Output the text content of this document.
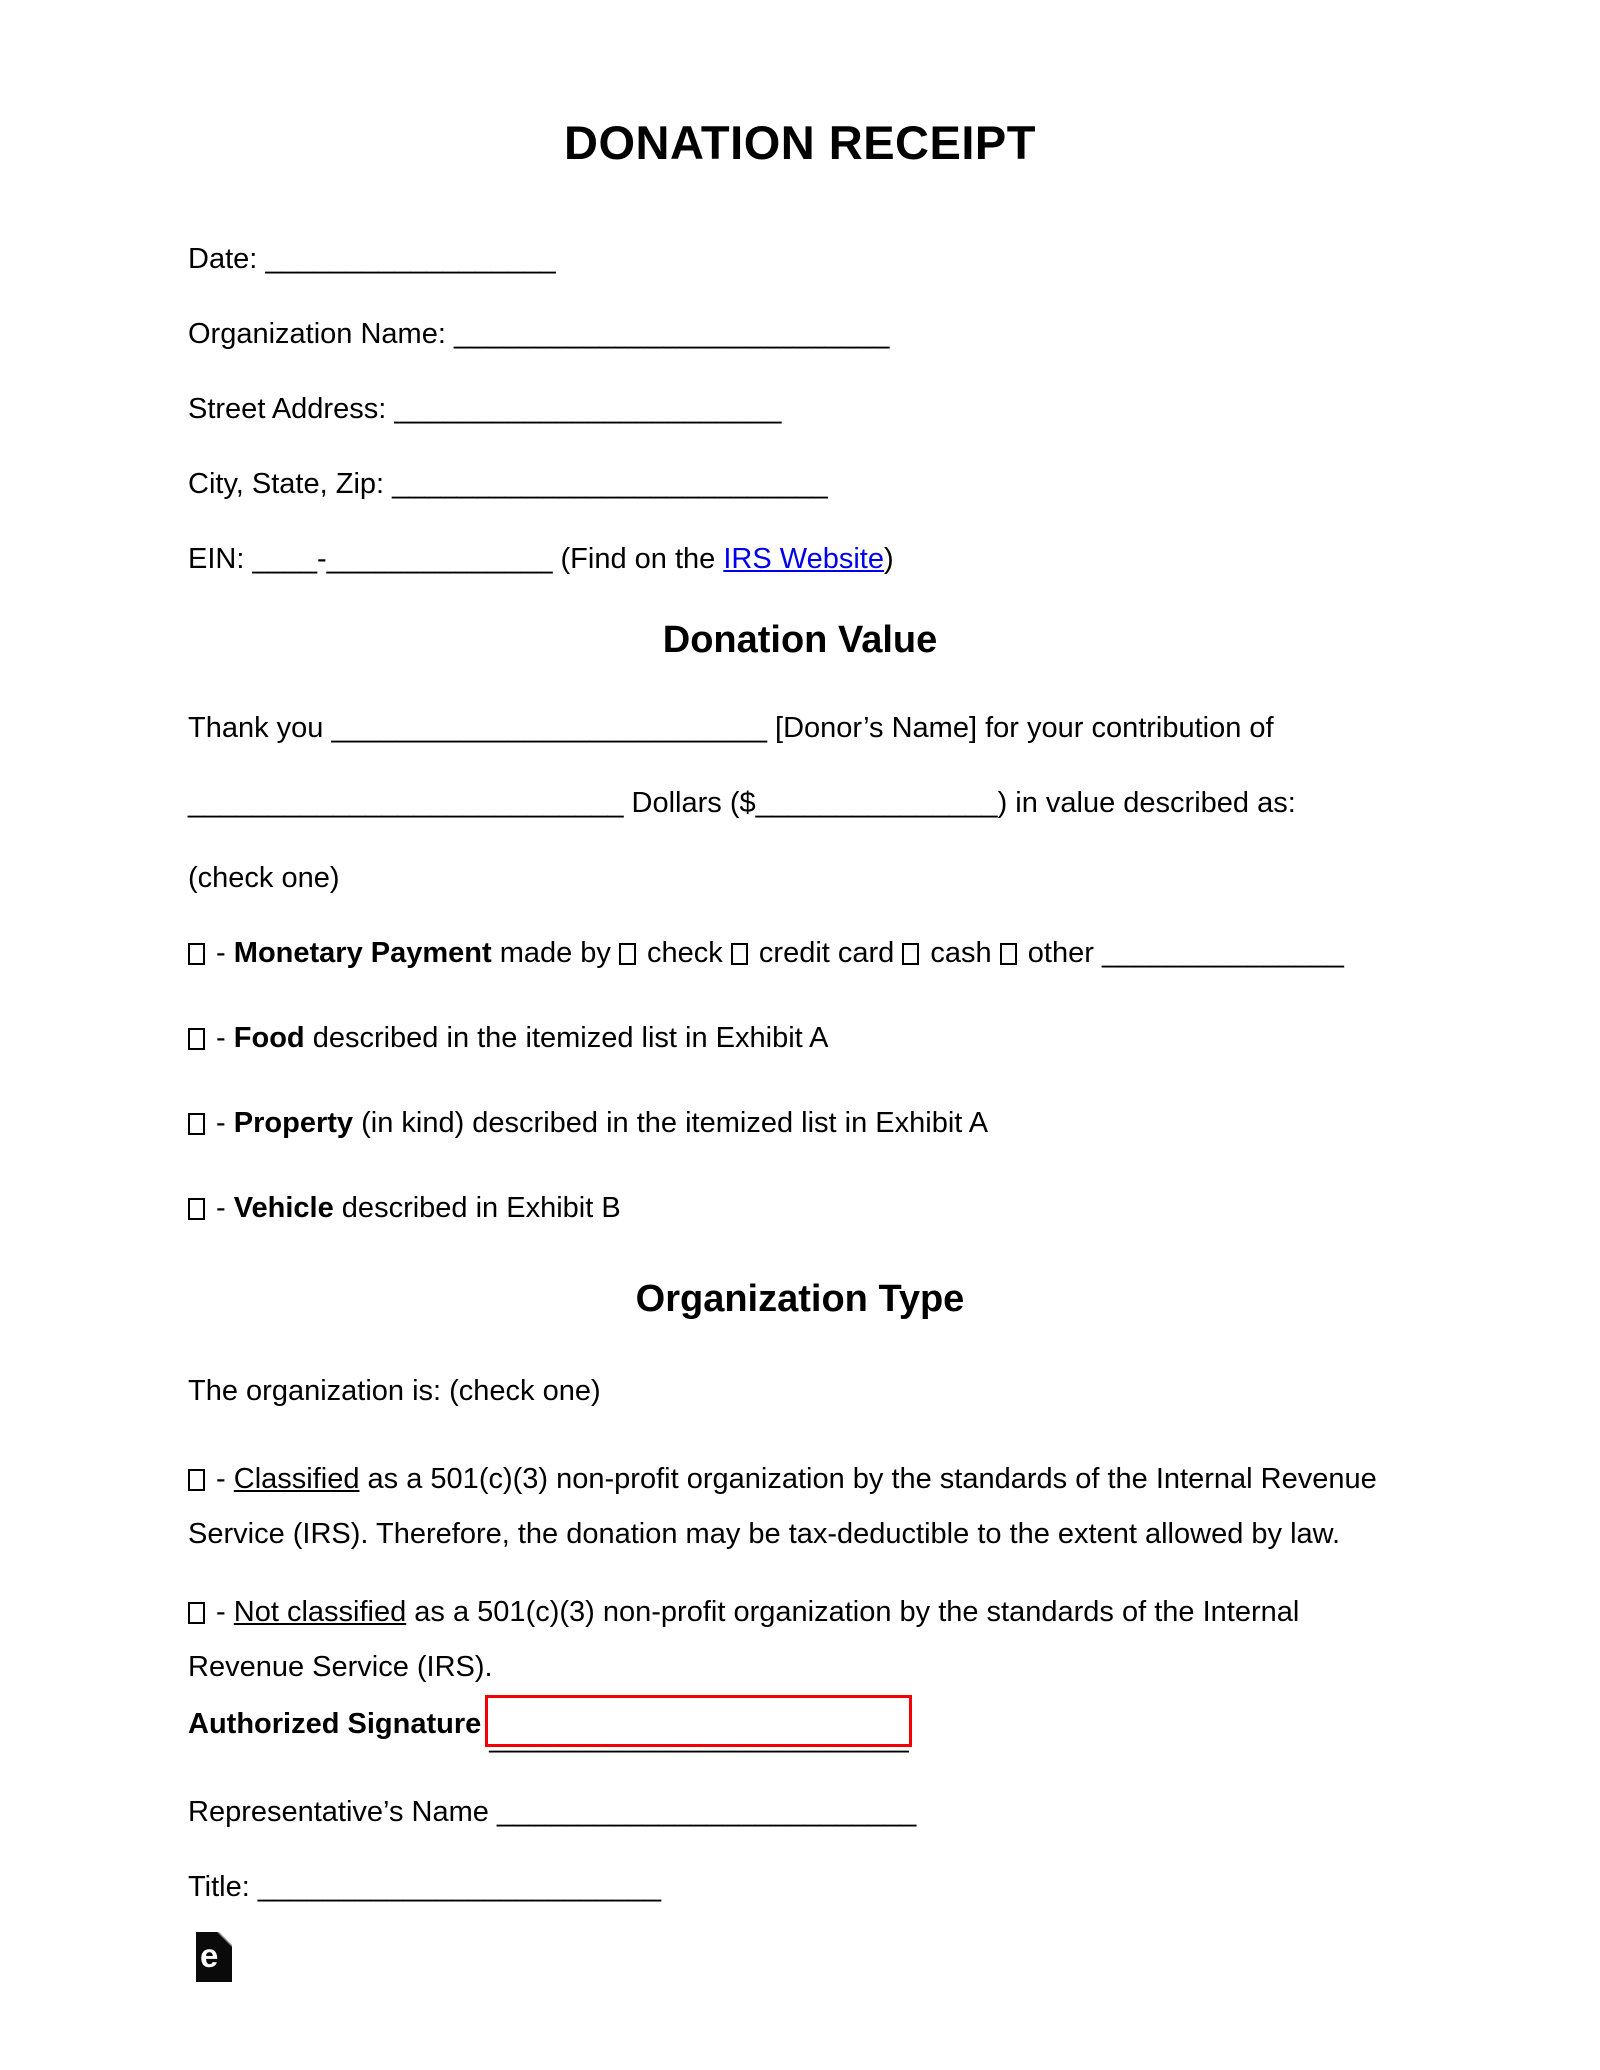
DONATION RECEIPT

Date: __________________

Organization Name: ___________________________

Street Address: ________________________

City, State, Zip: ___________________________

EIN: ____-______________ (Find on the IRS Website)

Donation Value

Thank you ___________________________ [Donor’s Name] for your contribution of

___________________________ Dollars ($_______________) in value described as:

(check one)

- Monetary Payment made by  check  credit card  cash  other _______________

- Food described in the itemized list in Exhibit A

- Property (in kind) described in the itemized list in Exhibit A

- Vehicle described in Exhibit B

Organization Type

The organization is: (check one)

- Classified as a 501(c)(3) non-profit organization by the standards of the Internal Revenue Service (IRS). Therefore, the donation may be tax-deductible to the extent allowed by law.

- Not classified as a 501(c)(3) non-profit organization by the standards of the Internal Revenue Service (IRS).

Authorized Signature __________________________

Representative’s Name __________________________

Title: _________________________

e
